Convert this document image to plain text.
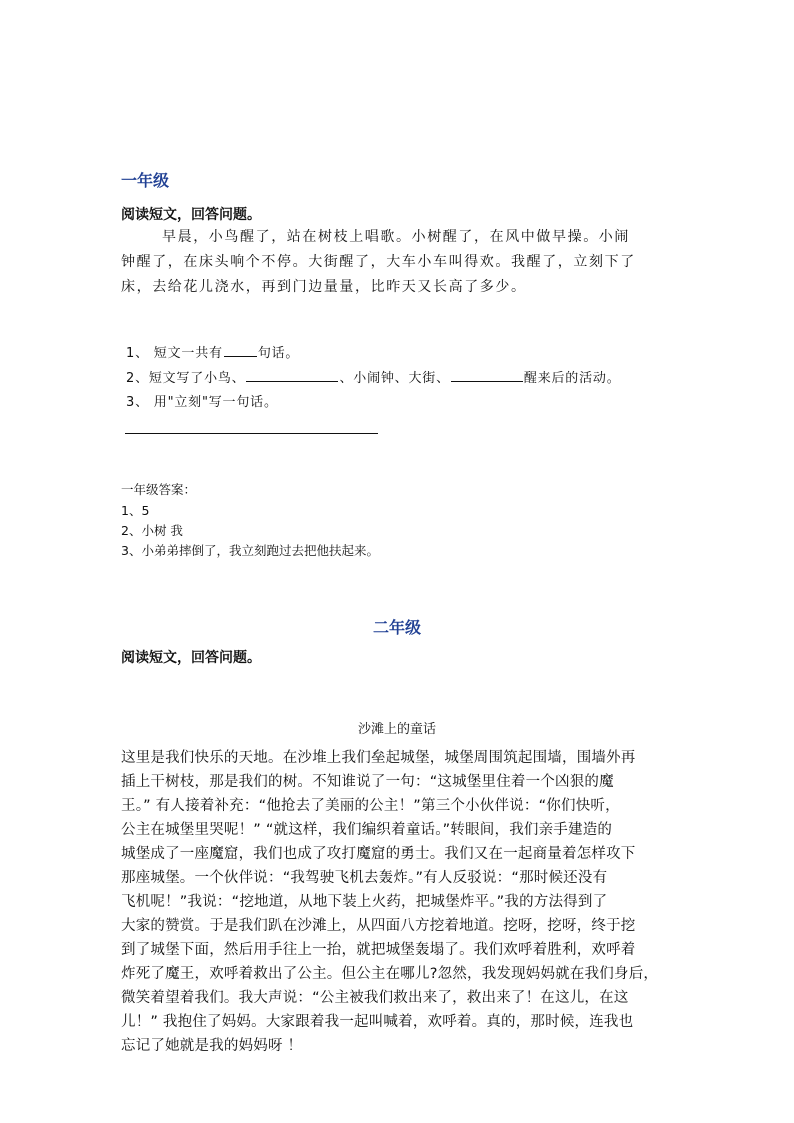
一年级
阅读短文，回答问题。
早晨，小鸟醒了，站在树枝上唱歌。小树醒了，在风中做早操。小闹
钟醒了，在床头响个不停。大街醒了，大车小车叫得欢。我醒了，立刻下了
床，去给花儿浇水，再到门边量量，比昨天又长高了多少。
1、 短文一共有	句话。
2、短文写了小鸟、	、小闹钟、大街、	醒来后的活动。
3、 用"立刻"写一句话。
一年级答案：
1、5
2、小树 我
3、小弟弟摔倒了，我立刻跑过去把他扶起来。
二年级
阅读短文，回答问题。
沙滩上的童话
这里是我们快乐的天地。在沙堆上我们垒起城堡，城堡周围筑起围墙，围墙外再
插上干树枝，那是我们的树。不知谁说了一句：“这城堡里住着一个凶狠的魔
王。” 有人接着补充：“他抢去了美丽的公主！”第三个小伙伴说：“你们快听，
公主在城堡里哭呢！” “就这样，我们编织着童话。”转眼间，我们亲手建造的
城堡成了一座魔窟，我们也成了攻打魔窟的勇士。我们又在一起商量着怎样攻下
那座城堡。一个伙伴说：“我驾驶飞机去轰炸。”有人反驳说：“那时候还没有
飞机呢！”我说：“挖地道，从地下装上火药，把城堡炸平。”我的方法得到了
大家的赞赏。于是我们趴在沙滩上，从四面八方挖着地道。挖呀，挖呀，终于挖
到了城堡下面，然后用手往上一抬，就把城堡轰塌了。我们欢呼着胜利，欢呼着
炸死了魔王，欢呼着救出了公主。但公主在哪儿?忽然，我发现妈妈就在我们身后，
微笑着望着我们。我大声说：“公主被我们救出来了，救出来了！在这儿，在这
儿！” 我抱住了妈妈。大家跟着我一起叫喊着，欢呼着。真的，那时候，连我也
忘记了她就是我的妈妈呀 ！
